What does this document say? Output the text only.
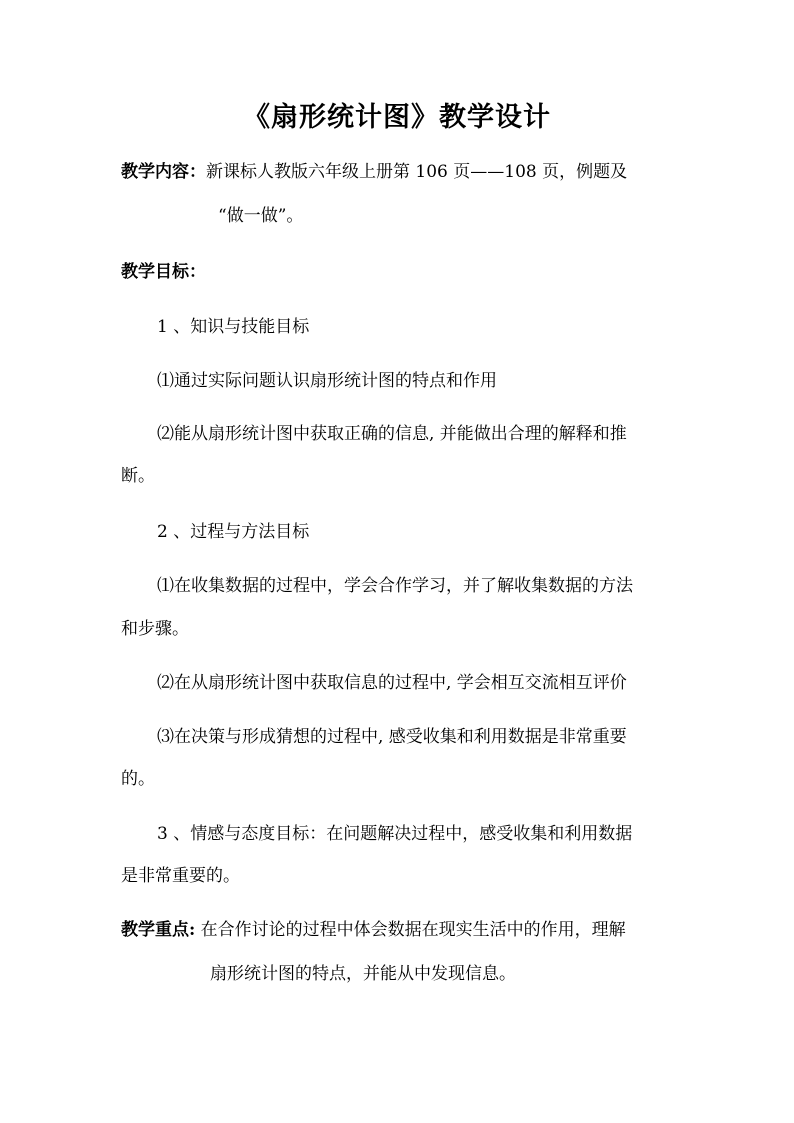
《扇形统计图》教学设计
教学内容：新课标人教版六年级上册第 106 页——108 页，例题及
“做一做”。
教学目标：
1 、知识与技能目标
⑴通过实际问题认识扇形统计图的特点和作用
⑵能从扇形统计图中获取正确的信息, 并能做出合理的解释和推
断。
2 、过程与方法目标
⑴在收集数据的过程中，学会合作学习，并了解收集数据的方法
和步骤。
⑵在从扇形统计图中获取信息的过程中, 学会相互交流相互评价
⑶在决策与形成猜想的过程中, 感受收集和利用数据是非常重要
的。
3 、情感与态度目标：在问题解决过程中，感受收集和利用数据
是非常重要的。
教学重点: 在合作讨论的过程中体会数据在现实生活中的作用，理解
扇形统计图的特点，并能从中发现信息。
